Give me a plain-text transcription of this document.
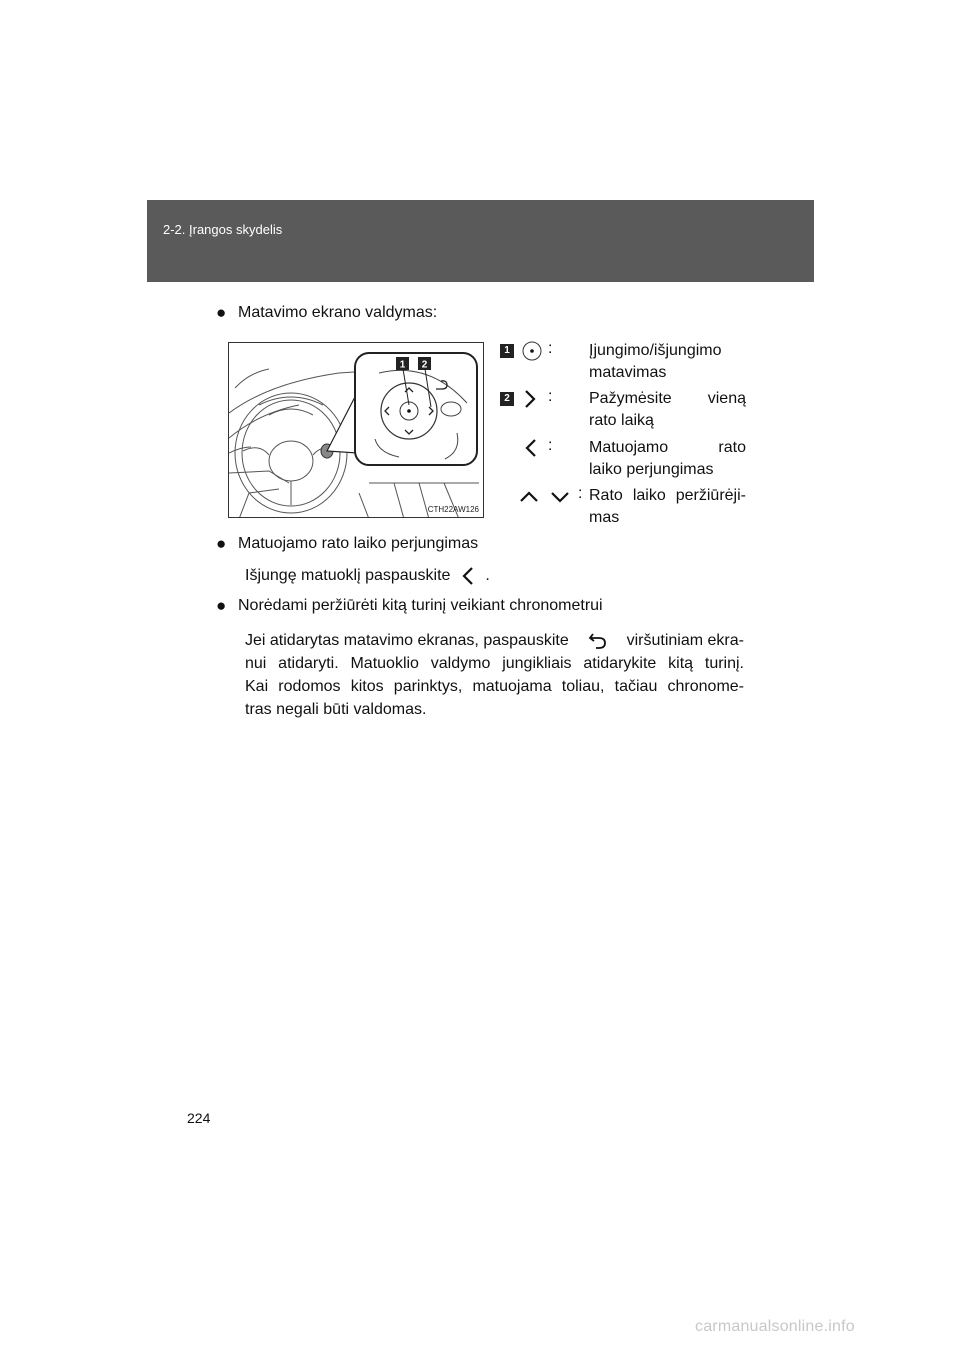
2-2. Įrangos skydelis
● Matavimo ekrano valdymas:
1 2
CTH22AW126
1 : Įjungimo/išjungimo
matavimas
2 : Pažymėsite vieną
rato laiką
: Matuojamo rato
laiko perjungimas
: Rato laiko peržiūrėji-
mas
● Matuojamo rato laiko perjungimas
Išjungę matuoklį paspauskite .
● Norėdami peržiūrėti kitą turinį veikiant chronometrui
Jei atidarytas matavimo ekranas, paspauskite	viršutiniam ekra-
nui atidaryti. Matuoklio valdymo jungikliais atidarykite kitą turinį.
Kai rodomos kitos parinktys, matuojama toliau, tačiau chronome-
tras negali būti valdomas.
224
carmanualsonline.info
